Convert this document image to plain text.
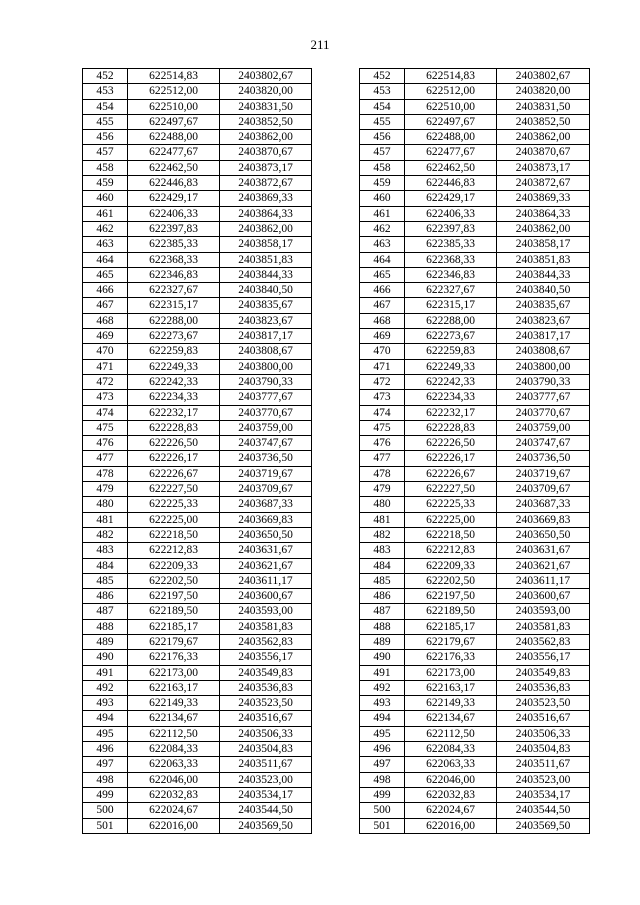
211
452	622514,83	2403802,67		452	622514,83	2403802,67
453	622512,00	2403820,00		453	622512,00	2403820,00
454	622510,00	2403831,50		454	622510,00	2403831,50
455	622497,67	2403852,50		455	622497,67	2403852,50
456	622488,00	2403862,00		456	622488,00	2403862,00
457	622477,67	2403870,67		457	622477,67	2403870,67
458	622462,50	2403873,17		458	622462,50	2403873,17
459	622446,83	2403872,67		459	622446,83	2403872,67
460	622429,17	2403869,33		460	622429,17	2403869,33
461	622406,33	2403864,33		461	622406,33	2403864,33
462	622397,83	2403862,00		462	622397,83	2403862,00
463	622385,33	2403858,17		463	622385,33	2403858,17
464	622368,33	2403851,83		464	622368,33	2403851,83
465	622346,83	2403844,33		465	622346,83	2403844,33
466	622327,67	2403840,50		466	622327,67	2403840,50
467	622315,17	2403835,67		467	622315,17	2403835,67
468	622288,00	2403823,67		468	622288,00	2403823,67
469	622273,67	2403817,17		469	622273,67	2403817,17
470	622259,83	2403808,67		470	622259,83	2403808,67
471	622249,33	2403800,00		471	622249,33	2403800,00
472	622242,33	2403790,33		472	622242,33	2403790,33
473	622234,33	2403777,67		473	622234,33	2403777,67
474	622232,17	2403770,67		474	622232,17	2403770,67
475	622228,83	2403759,00		475	622228,83	2403759,00
476	622226,50	2403747,67		476	622226,50	2403747,67
477	622226,17	2403736,50		477	622226,17	2403736,50
478	622226,67	2403719,67		478	622226,67	2403719,67
479	622227,50	2403709,67		479	622227,50	2403709,67
480	622225,33	2403687,33		480	622225,33	2403687,33
481	622225,00	2403669,83		481	622225,00	2403669,83
482	622218,50	2403650,50		482	622218,50	2403650,50
483	622212,83	2403631,67		483	622212,83	2403631,67
484	622209,33	2403621,67		484	622209,33	2403621,67
485	622202,50	2403611,17		485	622202,50	2403611,17
486	622197,50	2403600,67		486	622197,50	2403600,67
487	622189,50	2403593,00		487	622189,50	2403593,00
488	622185,17	2403581,83		488	622185,17	2403581,83
489	622179,67	2403562,83		489	622179,67	2403562,83
490	622176,33	2403556,17		490	622176,33	2403556,17
491	622173,00	2403549,83		491	622173,00	2403549,83
492	622163,17	2403536,83		492	622163,17	2403536,83
493	622149,33	2403523,50		493	622149,33	2403523,50
494	622134,67	2403516,67		494	622134,67	2403516,67
495	622112,50	2403506,33		495	622112,50	2403506,33
496	622084,33	2403504,83		496	622084,33	2403504,83
497	622063,33	2403511,67		497	622063,33	2403511,67
498	622046,00	2403523,00		498	622046,00	2403523,00
499	622032,83	2403534,17		499	622032,83	2403534,17
500	622024,67	2403544,50		500	622024,67	2403544,50
501	622016,00	2403569,50		501	622016,00	2403569,50
